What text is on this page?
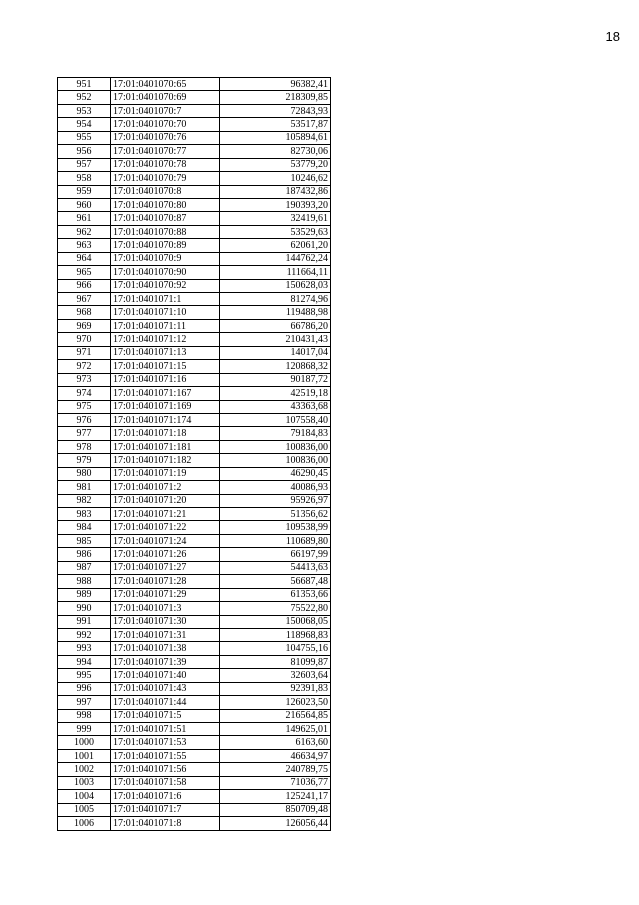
18
951	17:01:0401070:65	96382,41
952	17:01:0401070:69	218309,85
953	17:01:0401070:7	72843,93
954	17:01:0401070:70	53517,87
955	17:01:0401070:76	105894,61
956	17:01:0401070:77	82730,06
957	17:01:0401070:78	53779,20
958	17:01:0401070:79	10246,62
959	17:01:0401070:8	187432,86
960	17:01:0401070:80	190393,20
961	17:01:0401070:87	32419,61
962	17:01:0401070:88	53529,63
963	17:01:0401070:89	62061,20
964	17:01:0401070:9	144762,24
965	17:01:0401070:90	111664,11
966	17:01:0401070:92	150628,03
967	17:01:0401071:1	81274,96
968	17:01:0401071:10	119488,98
969	17:01:0401071:11	66786,20
970	17:01:0401071:12	210431,43
971	17:01:0401071:13	14017,04
972	17:01:0401071:15	120868,32
973	17:01:0401071:16	90187,72
974	17:01:0401071:167	42519,18
975	17:01:0401071:169	43363,68
976	17:01:0401071:174	107558,40
977	17:01:0401071:18	79184,83
978	17:01:0401071:181	100836,00
979	17:01:0401071:182	100836,00
980	17:01:0401071:19	46290,45
981	17:01:0401071:2	40086,93
982	17:01:0401071:20	95926,97
983	17:01:0401071:21	51356,62
984	17:01:0401071:22	109538,99
985	17:01:0401071:24	110689,80
986	17:01:0401071:26	66197,99
987	17:01:0401071:27	54413,63
988	17:01:0401071:28	56687,48
989	17:01:0401071:29	61353,66
990	17:01:0401071:3	75522,80
991	17:01:0401071:30	150068,05
992	17:01:0401071:31	118968,83
993	17:01:0401071:38	104755,16
994	17:01:0401071:39	81099,87
995	17:01:0401071:40	32603,64
996	17:01:0401071:43	92391,83
997	17:01:0401071:44	126023,50
998	17:01:0401071:5	216564,85
999	17:01:0401071:51	149625,01
1000	17:01:0401071:53	6163,60
1001	17:01:0401071:55	46634,97
1002	17:01:0401071:56	240789,75
1003	17:01:0401071:58	71036,77
1004	17:01:0401071:6	125241,17
1005	17:01:0401071:7	850709,48
1006	17:01:0401071:8	126056,44
